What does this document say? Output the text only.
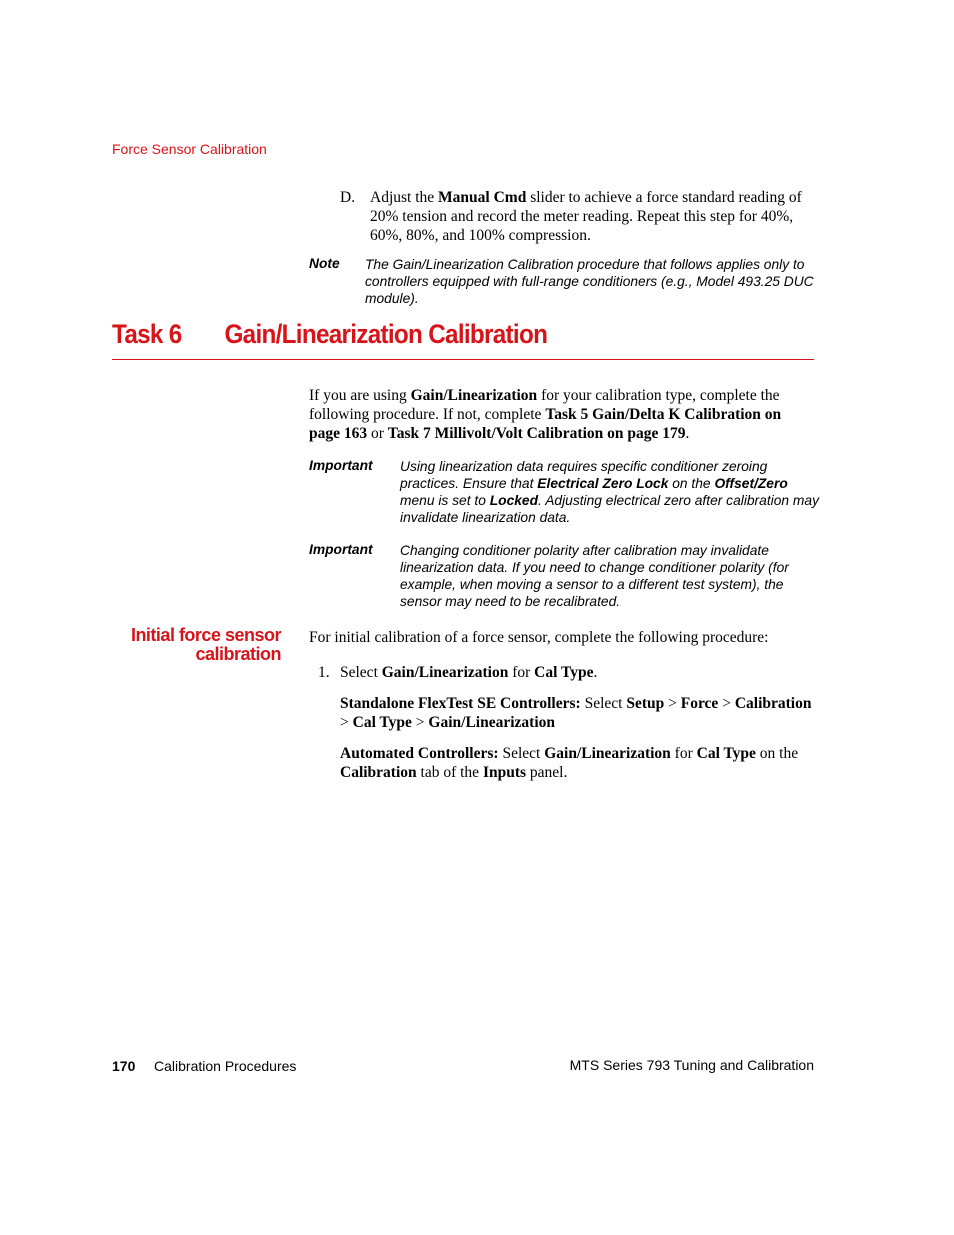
Force Sensor Calibration
D. Adjust the Manual Cmd slider to achieve a force standard reading of 20% tension and record the meter reading. Repeat this step for 40%, 60%, 80%, and 100% compression.
Note The Gain/Linearization Calibration procedure that follows applies only to controllers equipped with full-range conditioners (e.g., Model 493.25 DUC module).
Task 6 Gain/Linearization Calibration
If you are using Gain/Linearization for your calibration type, complete the following procedure. If not, complete Task 5 Gain/Delta K Calibration on page 163 or Task 7 Millivolt/Volt Calibration on page 179.
Important Using linearization data requires specific conditioner zeroing practices. Ensure that Electrical Zero Lock on the Offset/Zero menu is set to Locked. Adjusting electrical zero after calibration may invalidate linearization data.
Important Changing conditioner polarity after calibration may invalidate linearization data. If you need to change conditioner polarity (for example, when moving a sensor to a different test system), the sensor may need to be recalibrated.
Initial force sensor
calibration
For initial calibration of a force sensor, complete the following procedure:
1. Select Gain/Linearization for Cal Type.
Standalone FlexTest SE Controllers: Select Setup > Force > Calibration > Cal Type > Gain/Linearization
Automated Controllers: Select Gain/Linearization for Cal Type on the Calibration tab of the Inputs panel.
170 Calibration Procedures	MTS Series 793 Tuning and Calibration
